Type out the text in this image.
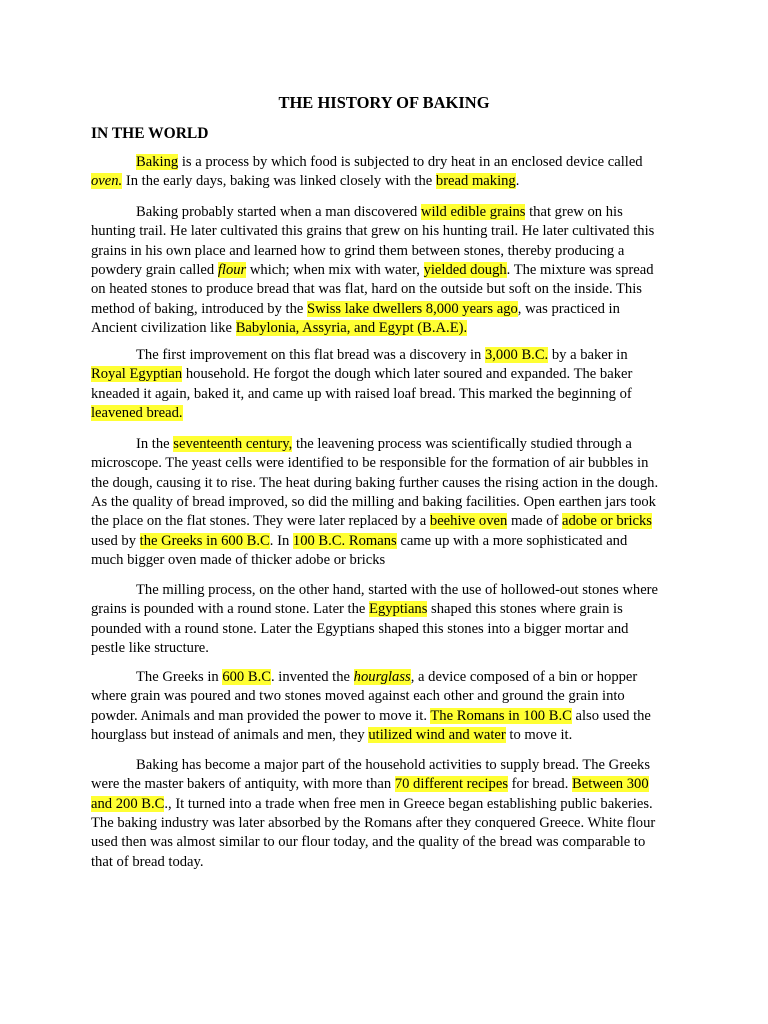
THE HISTORY OF BAKING
IN THE WORLD
Baking is a process by which food is subjected to dry heat in an enclosed device called
oven. In the early days, baking was linked closely with the bread making.
Baking probably started when a man discovered wild edible grains that grew on his
hunting trail. He later cultivated this grains that grew on his hunting trail. He later cultivated this
grains in his own place and learned how to grind them between stones, thereby producing a
powdery grain called flour which; when mix with water, yielded dough. The mixture was spread
on heated stones to produce bread that was flat, hard on the outside but soft on the inside. This
method of baking, introduced by the Swiss lake dwellers 8,000 years ago, was practiced in
Ancient civilization like Babylonia, Assyria, and Egypt (B.A.E).
The first improvement on this flat bread was a discovery in 3,000 B.C. by a baker in
Royal Egyptian household. He forgot the dough which later soured and expanded. The baker
kneaded it again, baked it, and came up with raised loaf bread. This marked the beginning of
leavened bread.
In the seventeenth century, the leavening process was scientifically studied through a
microscope. The yeast cells were identified to be responsible for the formation of air bubbles in
the dough, causing it to rise. The heat during baking further causes the rising action in the dough.
As the quality of bread improved, so did the milling and baking facilities. Open earthen jars took
the place on the flat stones. They were later replaced by a beehive oven made of adobe or bricks
used by the Greeks in 600 B.C. In 100 B.C. Romans came up with a more sophisticated and
much bigger oven made of thicker adobe or bricks
The milling process, on the other hand, started with the use of hollowed-out stones where
grains is pounded with a round stone. Later the Egyptians shaped this stones where grain is
pounded with a round stone. Later the Egyptians shaped this stones into a bigger mortar and
pestle like structure.
The Greeks in 600 B.C. invented the hourglass, a device composed of a bin or hopper
where grain was poured and two stones moved against each other and ground the grain into
powder. Animals and man provided the power to move it. The Romans in 100 B.C also used the
hourglass but instead of animals and men, they utilized wind and water to move it.
Baking has become a major part of the household activities to supply bread. The Greeks
were the master bakers of antiquity, with more than 70 different recipes for bread. Between 300
and 200 B.C., It turned into a trade when free men in Greece began establishing public bakeries.
The baking industry was later absorbed by the Romans after they conquered Greece. White flour
used then was almost similar to our flour today, and the quality of the bread was comparable to
that of bread today.
